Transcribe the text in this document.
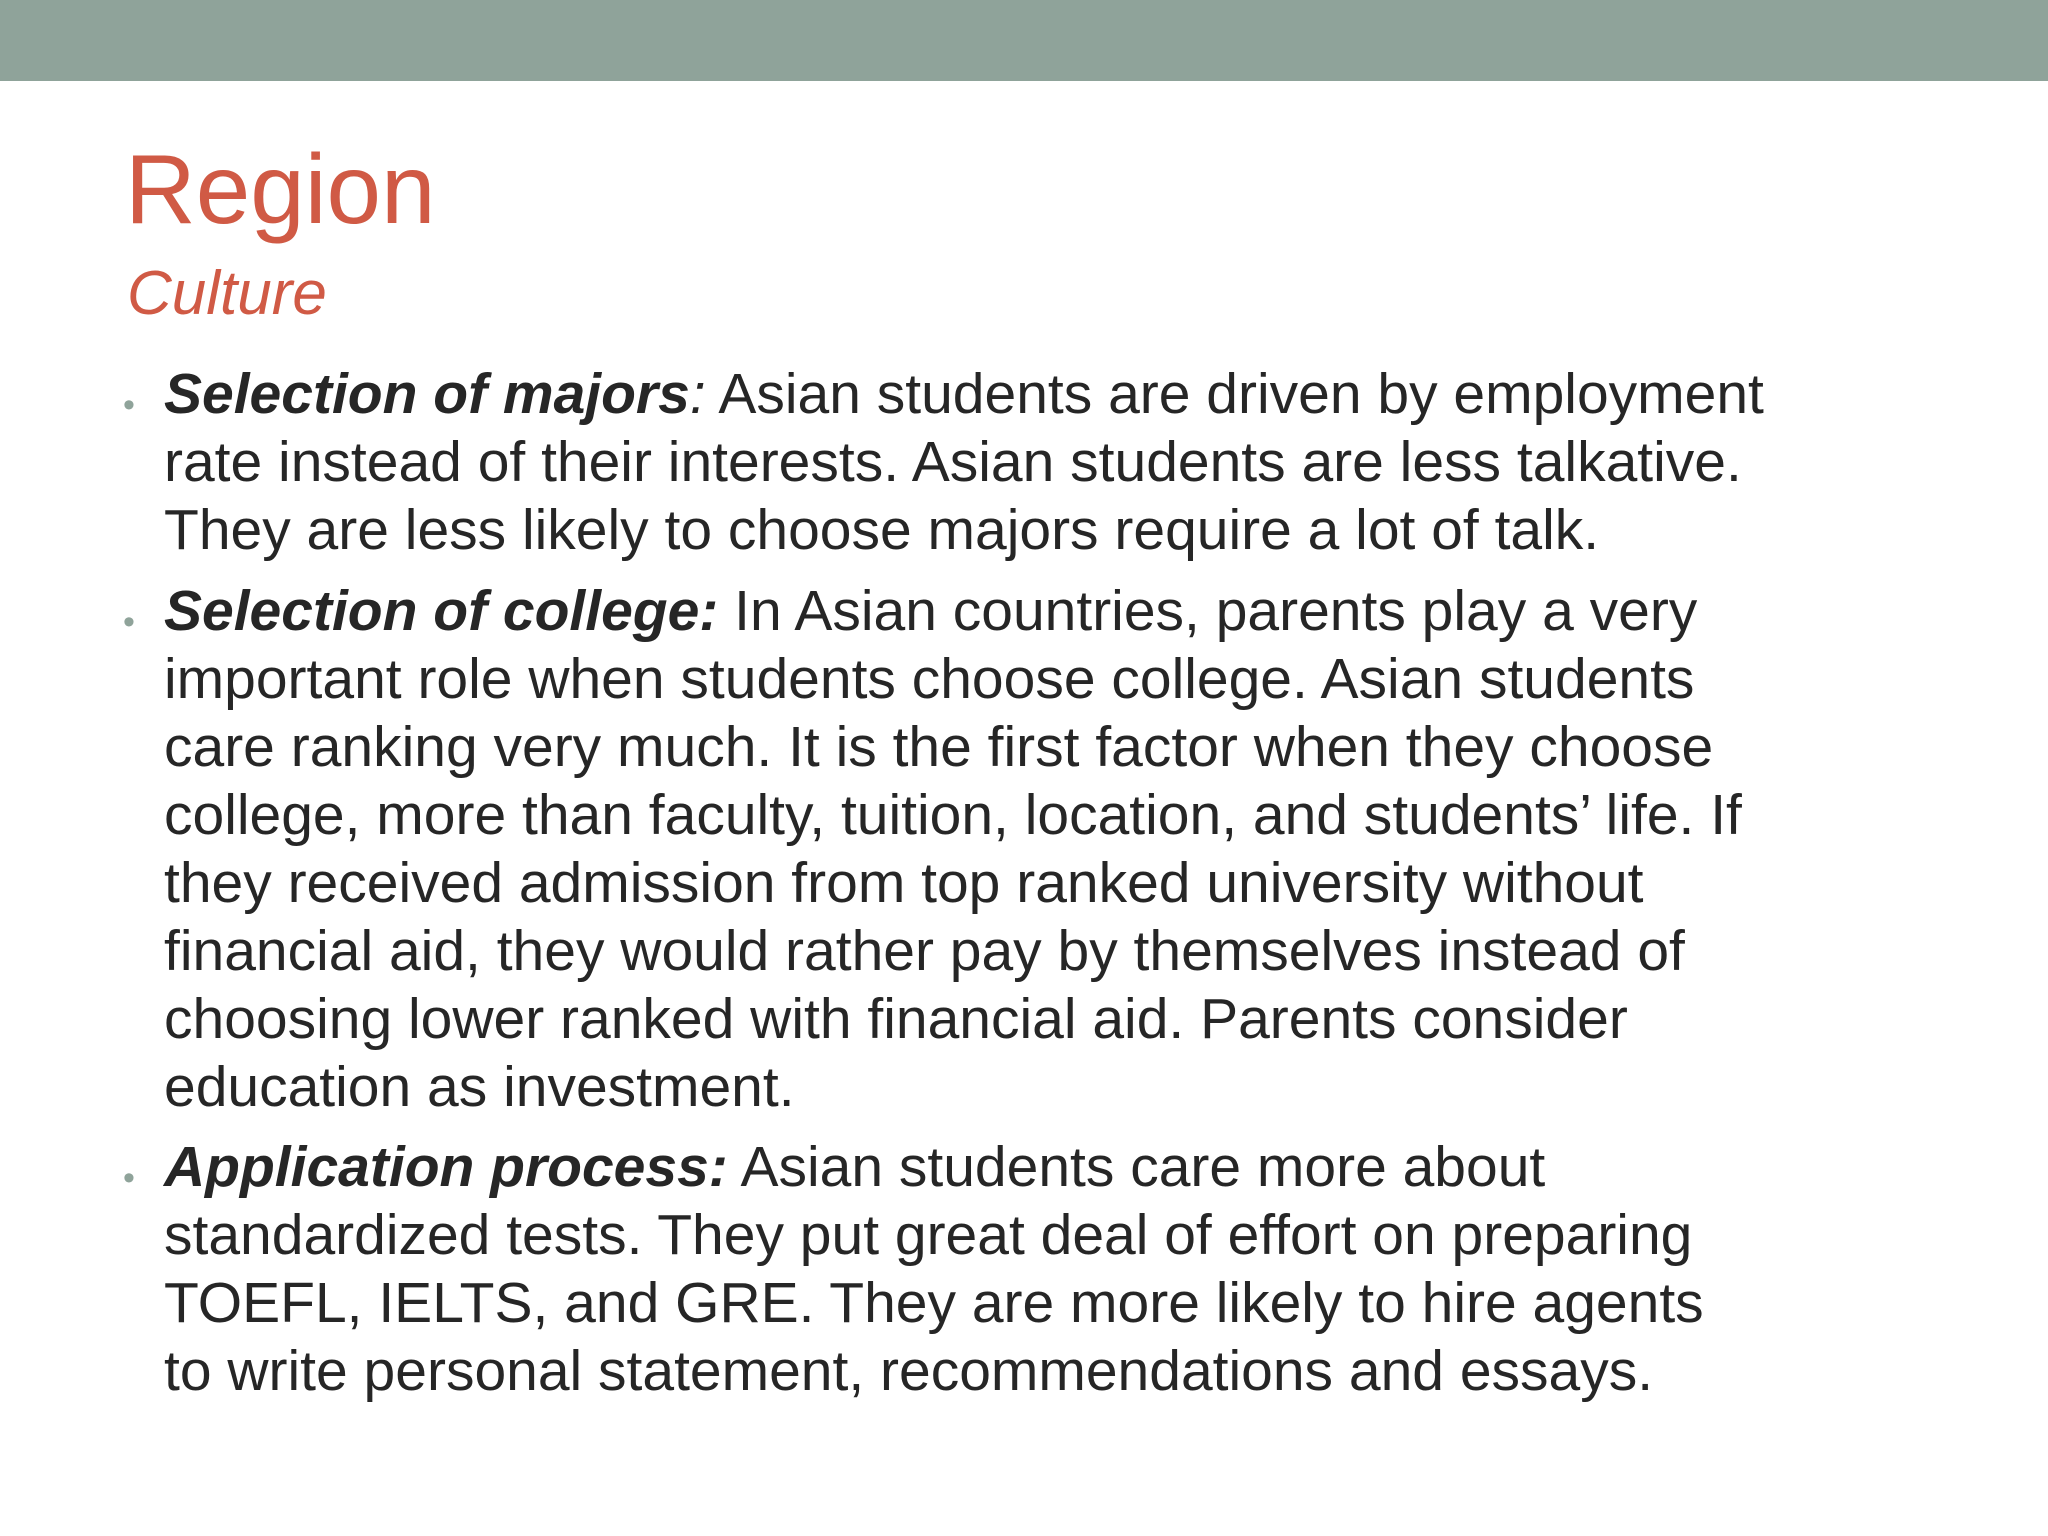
Region

Culture

• Selection of majors: Asian students are driven by employment
rate instead of their interests. Asian students are less talkative.
They are less likely to choose majors require a lot of talk.

• Selection of college: In Asian countries, parents play a very
important role when students choose college. Asian students
care ranking very much. It is the first factor when they choose
college, more than faculty, tuition, location, and students’ life. If
they received admission from top ranked university without
financial aid, they would rather pay by themselves instead of
choosing lower ranked with financial aid. Parents consider
education as investment.

• Application process: Asian students care more about
standardized tests. They put great deal of effort on preparing
TOEFL, IELTS, and GRE. They are more likely to hire agents
to write personal statement, recommendations and essays.
